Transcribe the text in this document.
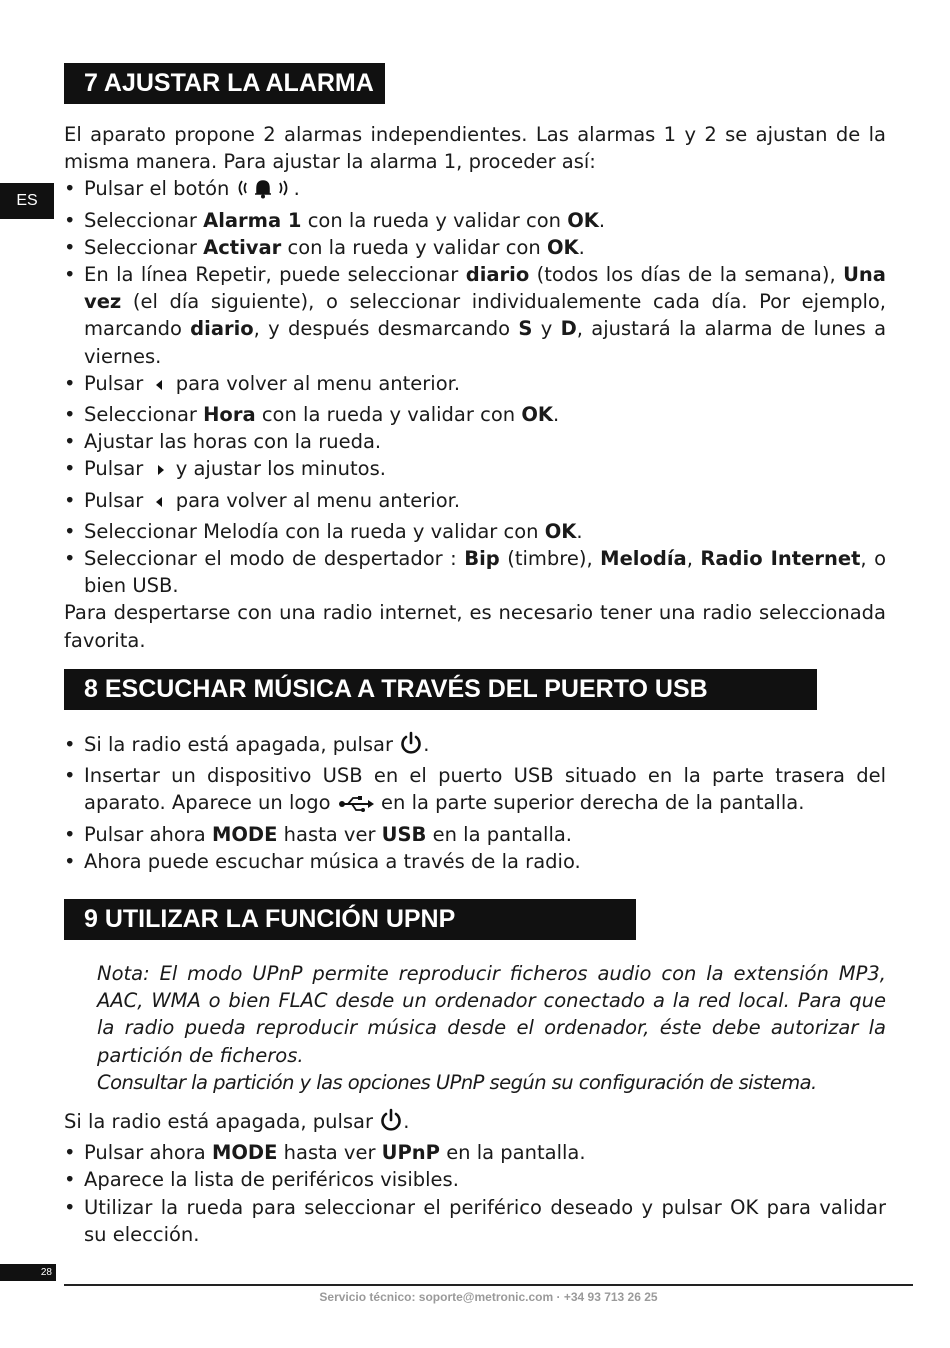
ES
7 AJUSTAR LA ALARMA

El aparato propone 2 alarmas independientes. Las alarmas 1 y 2 se ajustan de la misma manera. Para ajustar la alarma 1, proceder así:

• Pulsar el botón	.

• Seleccionar Alarma 1 con la rueda y validar con OK.

• Seleccionar Activar con la rueda y validar con OK.

• En la línea Repetir, puede seleccionar diario (todos los días de la semana), Una vez (el día siguiente), o seleccionar individualemente cada día. Por ejemplo, marcando diario, y después desmarcando S y D, ajustará la alarma de lunes a viernes.

• Pulsar para volver al menu anterior.

• Seleccionar Hora con la rueda y validar con OK.

• Ajustar las horas con la rueda.

• Pulsar y ajustar los minutos.

• Pulsar para volver al menu anterior.

• Seleccionar Melodía con la rueda y validar con OK.

• Seleccionar el modo de despertador : Bip (timbre), Melodía, Radio Internet, o bien USB.

Para despertarse con una radio internet, es necesario tener una radio seleccionada favorita.

8 ESCUCHAR MÚSICA A TRAVÉS DEL PUERTO USB

• Si la radio está apagada, pulsar .

• Insertar un dispositivo USB en el puerto USB situado en la parte trasera del aparato. Aparece un logo	en la parte superior derecha de la pantalla.

• Pulsar ahora MODE hasta ver USB en la pantalla.

• Ahora puede escuchar música a través de la radio.

9 UTILIZAR LA FUNCIÓN UPNP

Nota: El modo UPnP permite reproducir ficheros audio con la extensión MP3, AAC, WMA o bien FLAC desde un ordenador conectado a la red local. Para que la radio pueda reproducir música desde el ordenador, éste debe autorizar la partición de ficheros.

Consultar la partición y las opciones UPnP según su configuración de sistema.

Si la radio está apagada, pulsar .

• Pulsar ahora MODE hasta ver UPnP en la pantalla.

• Aparece la lista de periféricos visibles.

• Utilizar la rueda para seleccionar el periférico deseado y pulsar OK para validar su elección.

28
Servicio técnico: soporte@metronic.com · +34 93 713 26 25
